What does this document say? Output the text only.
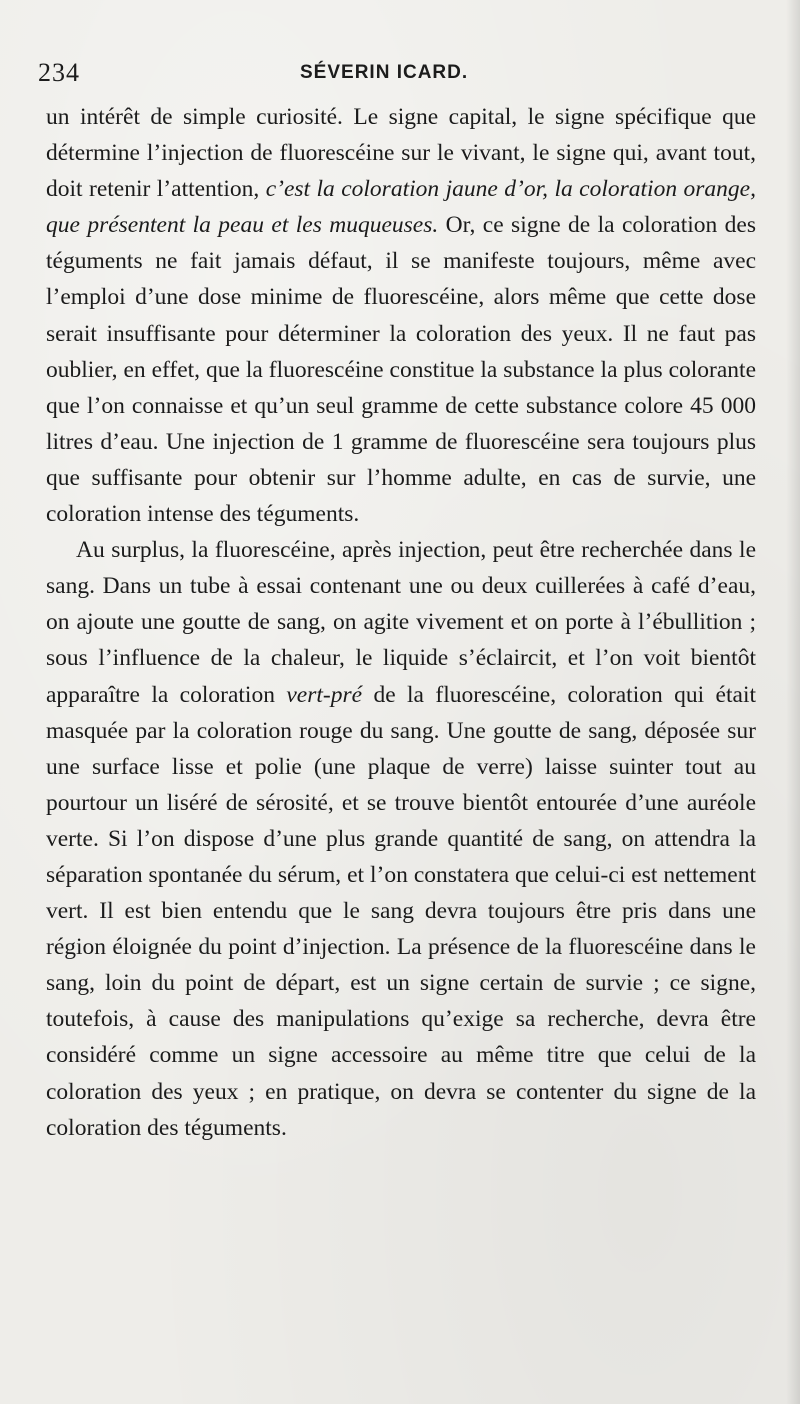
234	SÉVERIN ICARD.

un intérêt de simple curiosité. Le signe capital, le signe spécifique que détermine l’injection de fluorescéine sur le vivant, le signe qui, avant tout, doit retenir l’attention, c’est la coloration jaune d’or, la coloration orange, que présentent la peau et les muqueuses. Or, ce signe de la coloration des téguments ne fait jamais défaut, il se manifeste toujours, même avec l’emploi d’une dose minime de fluorescéine, alors même que cette dose serait insuffisante pour déterminer la coloration des yeux. Il ne faut pas oublier, en effet, que la fluorescéine constitue la substance la plus colorante que l’on connaisse et qu’un seul gramme de cette substance colore 45 000 litres d’eau. Une injection de 1 gramme de fluorescéine sera toujours plus que suffisante pour obtenir sur l’homme adulte, en cas de survie, une coloration intense des téguments.

Au surplus, la fluorescéine, après injection, peut être recherchée dans le sang. Dans un tube à essai contenant une ou deux cuillerées à café d’eau, on ajoute une goutte de sang, on agite vivement et on porte à l’ébullition ; sous l’influence de la chaleur, le liquide s’éclaircit, et l’on voit bientôt apparaître la coloration vert-pré de la fluorescéine, coloration qui était masquée par la coloration rouge du sang. Une goutte de sang, déposée sur une surface lisse et polie (une plaque de verre) laisse suinter tout au pourtour un liséré de sérosité, et se trouve bientôt entourée d’une auréole verte. Si l’on dispose d’une plus grande quantité de sang, on attendra la séparation spontanée du sérum, et l’on constatera que celui-ci est nettement vert. Il est bien entendu que le sang devra toujours être pris dans une région éloignée du point d’injection. La présence de la fluorescéine dans le sang, loin du point de départ, est un signe certain de survie ; ce signe, toutefois, à cause des manipulations qu’exige sa recherche, devra être considéré comme un signe accessoire au même titre que celui de la coloration des yeux ; en pratique, on devra se contenter du signe de la coloration des téguments.
